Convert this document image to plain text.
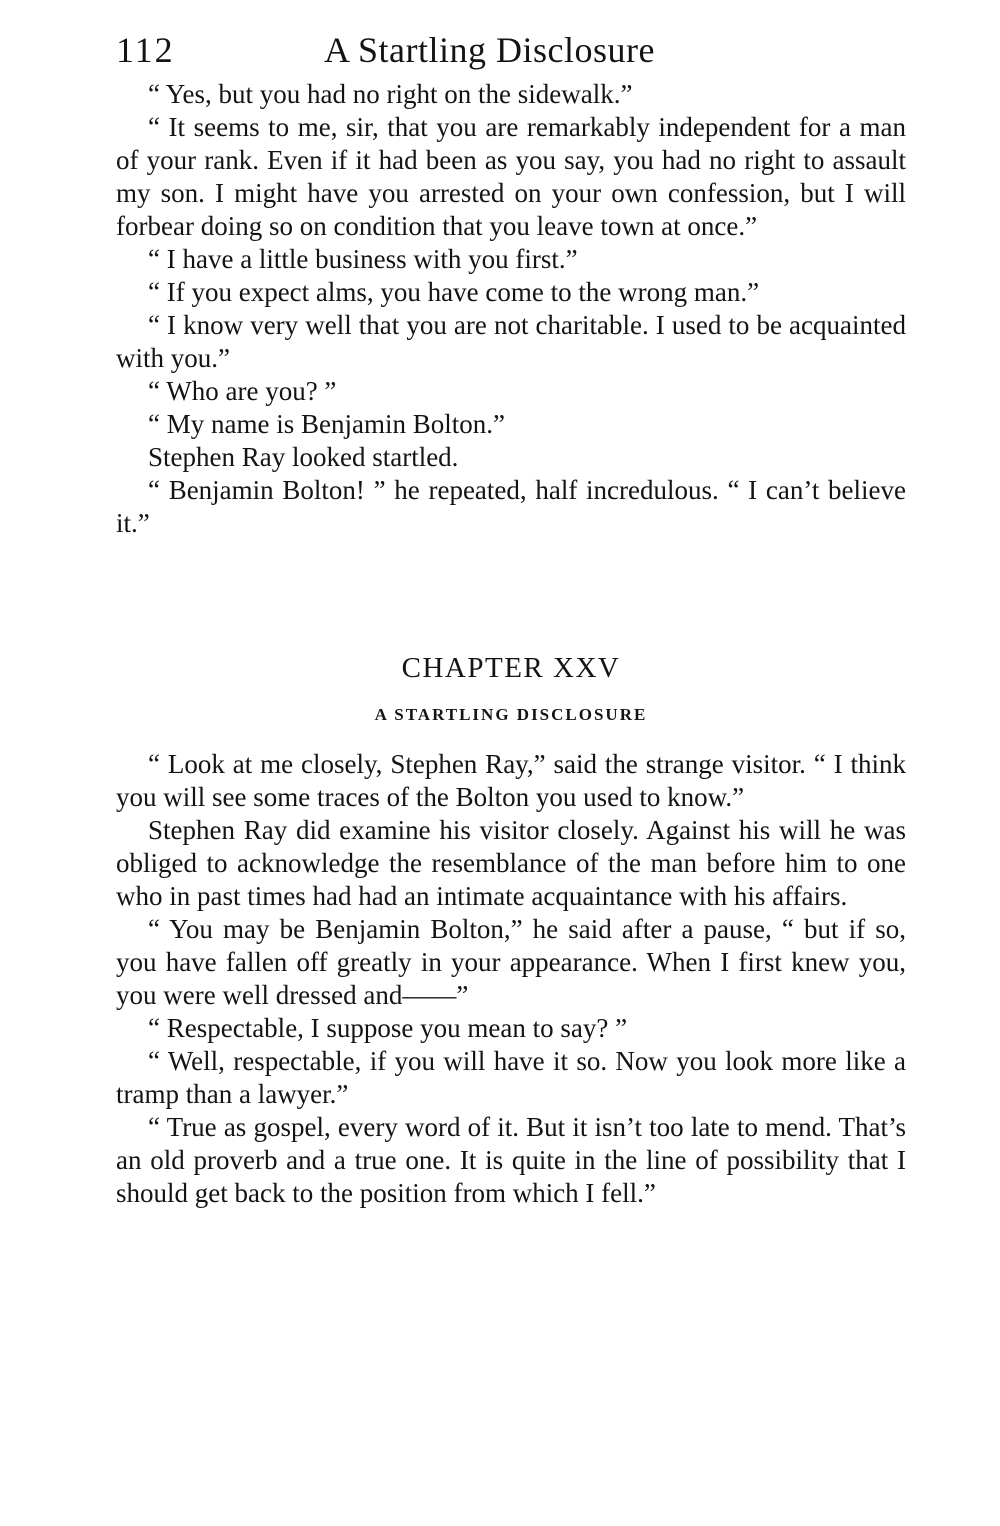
112	A Startling Disclosure

“ Yes, but you had no right on the sidewalk.”

“ It seems to me, sir, that you are remarkably independent for a man of your rank. Even if it had been as you say, you had no right to assault my son. I might have you arrested on your own confession, but I will forbear doing so on condition that you leave town at once.”

“ I have a little business with you first.”

“ If you expect alms, you have come to the wrong man.”

“ I know very well that you are not charitable. I used to be acquainted with you.”

“ Who are you? ”

“ My name is Benjamin Bolton.”

Stephen Ray looked startled.

“ Benjamin Bolton! ” he repeated, half incredulous. “ I can’t believe it.”

CHAPTER XXV
A STARTLING DISCLOSURE

“ Look at me closely, Stephen Ray,” said the strange visitor. “ I think you will see some traces of the Bolton you used to know.”

Stephen Ray did examine his visitor closely. Against his will he was obliged to acknowledge the resemblance of the man before him to one who in past times had had an intimate acquaintance with his affairs.

“ You may be Benjamin Bolton,” he said after a pause, “ but if so, you have fallen off greatly in your appearance. When I first knew you, you were well dressed and——”

“ Respectable, I suppose you mean to say? ”

“ Well, respectable, if you will have it so. Now you look more like a tramp than a lawyer.”

“ True as gospel, every word of it. But it isn’t too late to mend. That’s an old proverb and a true one. It is quite in the line of possibility that I should get back to the position from which I fell.”
